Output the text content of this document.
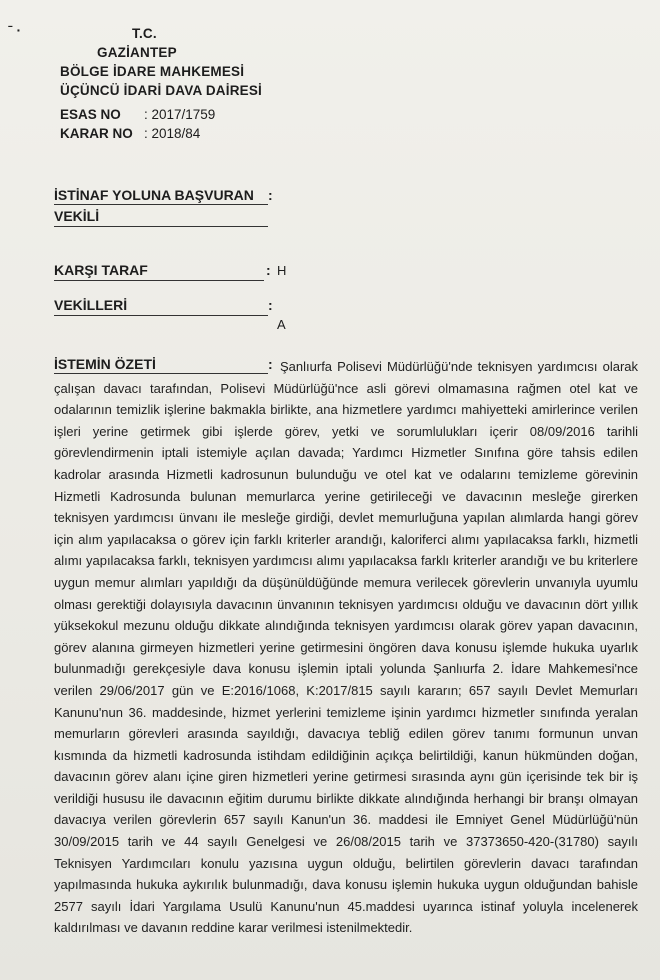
ˉ ·	T.C.
GAZİANTEP
BÖLGE İDARE MAHKEMESİ
ÜÇÜNCÜ İDARİ DAVA DAİRESİ
ESAS NO : 2017/1759
KARAR NO : 2018/84
İSTİNAF YOLUNA BAŞVURAN :
VEKİLİ
KARŞI TARAF	: H
VEKİLLERİ	:
A
İSTEMİN ÖZETİ	: Şanlıurfa Polisevi Müdürlüğü'nde teknisyen yardımcısı olarak çalışan davacı tarafından, Polisevi Müdürlüğü'nce asli görevi olmamasına rağmen otel kat ve odalarının temizlik işlerine bakmakla birlikte, ana hizmetlere yardımcı mahiyetteki amirlerince verilen işleri yerine getirmek gibi işlerde görev, yetki ve sorumlulukları içerir 08/09/2016 tarihli görevlendirmenin iptali istemiyle açılan davada; Yardımcı Hizmetler Sınıfına göre tahsis edilen kadrolar arasında Hizmetli kadrosunun bulunduğu ve otel kat ve odalarını temizleme görevinin Hizmetli Kadrosunda bulunan memurlarca yerine getirileceği ve davacının mesleğe girerken teknisyen yardımcısı ünvanı ile mesleğe girdiği, devlet memurluğuna yapılan alımlarda hangi görev için alım yapılacaksa o görev için farklı kriterler arandığı, kaloriferci alımı yapılacaksa farklı, hizmetli alımı yapılacaksa farklı, teknisyen yardımcısı alımı yapılacaksa farklı kriterler arandığı ve bu kriterlere uygun memur alımları yapıldığı da düşünüldüğünde memura verilecek görevlerin unvanıyla uyumlu olması gerektiği dolayısıyla davacının ünvanının teknisyen yardımcısı olduğu ve davacının dört yıllık yüksekokul mezunu olduğu dikkate alındığında teknisyen yardımcısı olarak görev yapan davacının, görev alanına girmeyen hizmetleri yerine getirmesini öngören dava konusu işlemde hukuka uyarlık bulunmadığı gerekçesiyle dava konusu işlemin iptali yolunda Şanlıurfa 2. İdare Mahkemesi'nce verilen 29/06/2017 gün ve E:2016/1068, K:2017/815 sayılı kararın; 657 sayılı Devlet Memurları Kanunu'nun 36. maddesinde, hizmet yerlerini temizleme işinin yardımcı hizmetler sınıfında yeralan memurların görevleri arasında sayıldığı, davacıya tebliğ edilen görev tanımı formunun unvan kısmında da hizmetli kadrosunda istihdam edildiğinin açıkça belirtildiği, kanun hükmünden doğan, davacının görev alanı içine giren hizmetleri yerine getirmesi sırasında aynı gün içerisinde tek bir iş verildiği hususu ile davacının eğitim durumu birlikte dikkate alındığında herhangi bir branşı olmayan davacıya verilen görevlerin 657 sayılı Kanun'un 36. maddesi ile Emniyet Genel Müdürlüğü'nün 30/09/2015 tarih ve 44 sayılı Genelgesi ve 26/08/2015 tarih ve 37373650-420-(31780) sayılı Teknisyen Yardımcıları konulu yazısına uygun olduğu, belirtilen görevlerin davacı tarafından yapılmasında hukuka aykırılık bulunmadığı, dava konusu işlemin hukuka uygun olduğundan bahisle 2577 sayılı İdari Yargılama Usulü Kanunu'nun 45.maddesi uyarınca istinaf yoluyla incelenerek kaldırılması ve davanın reddine karar verilmesi istenilmektedir.
